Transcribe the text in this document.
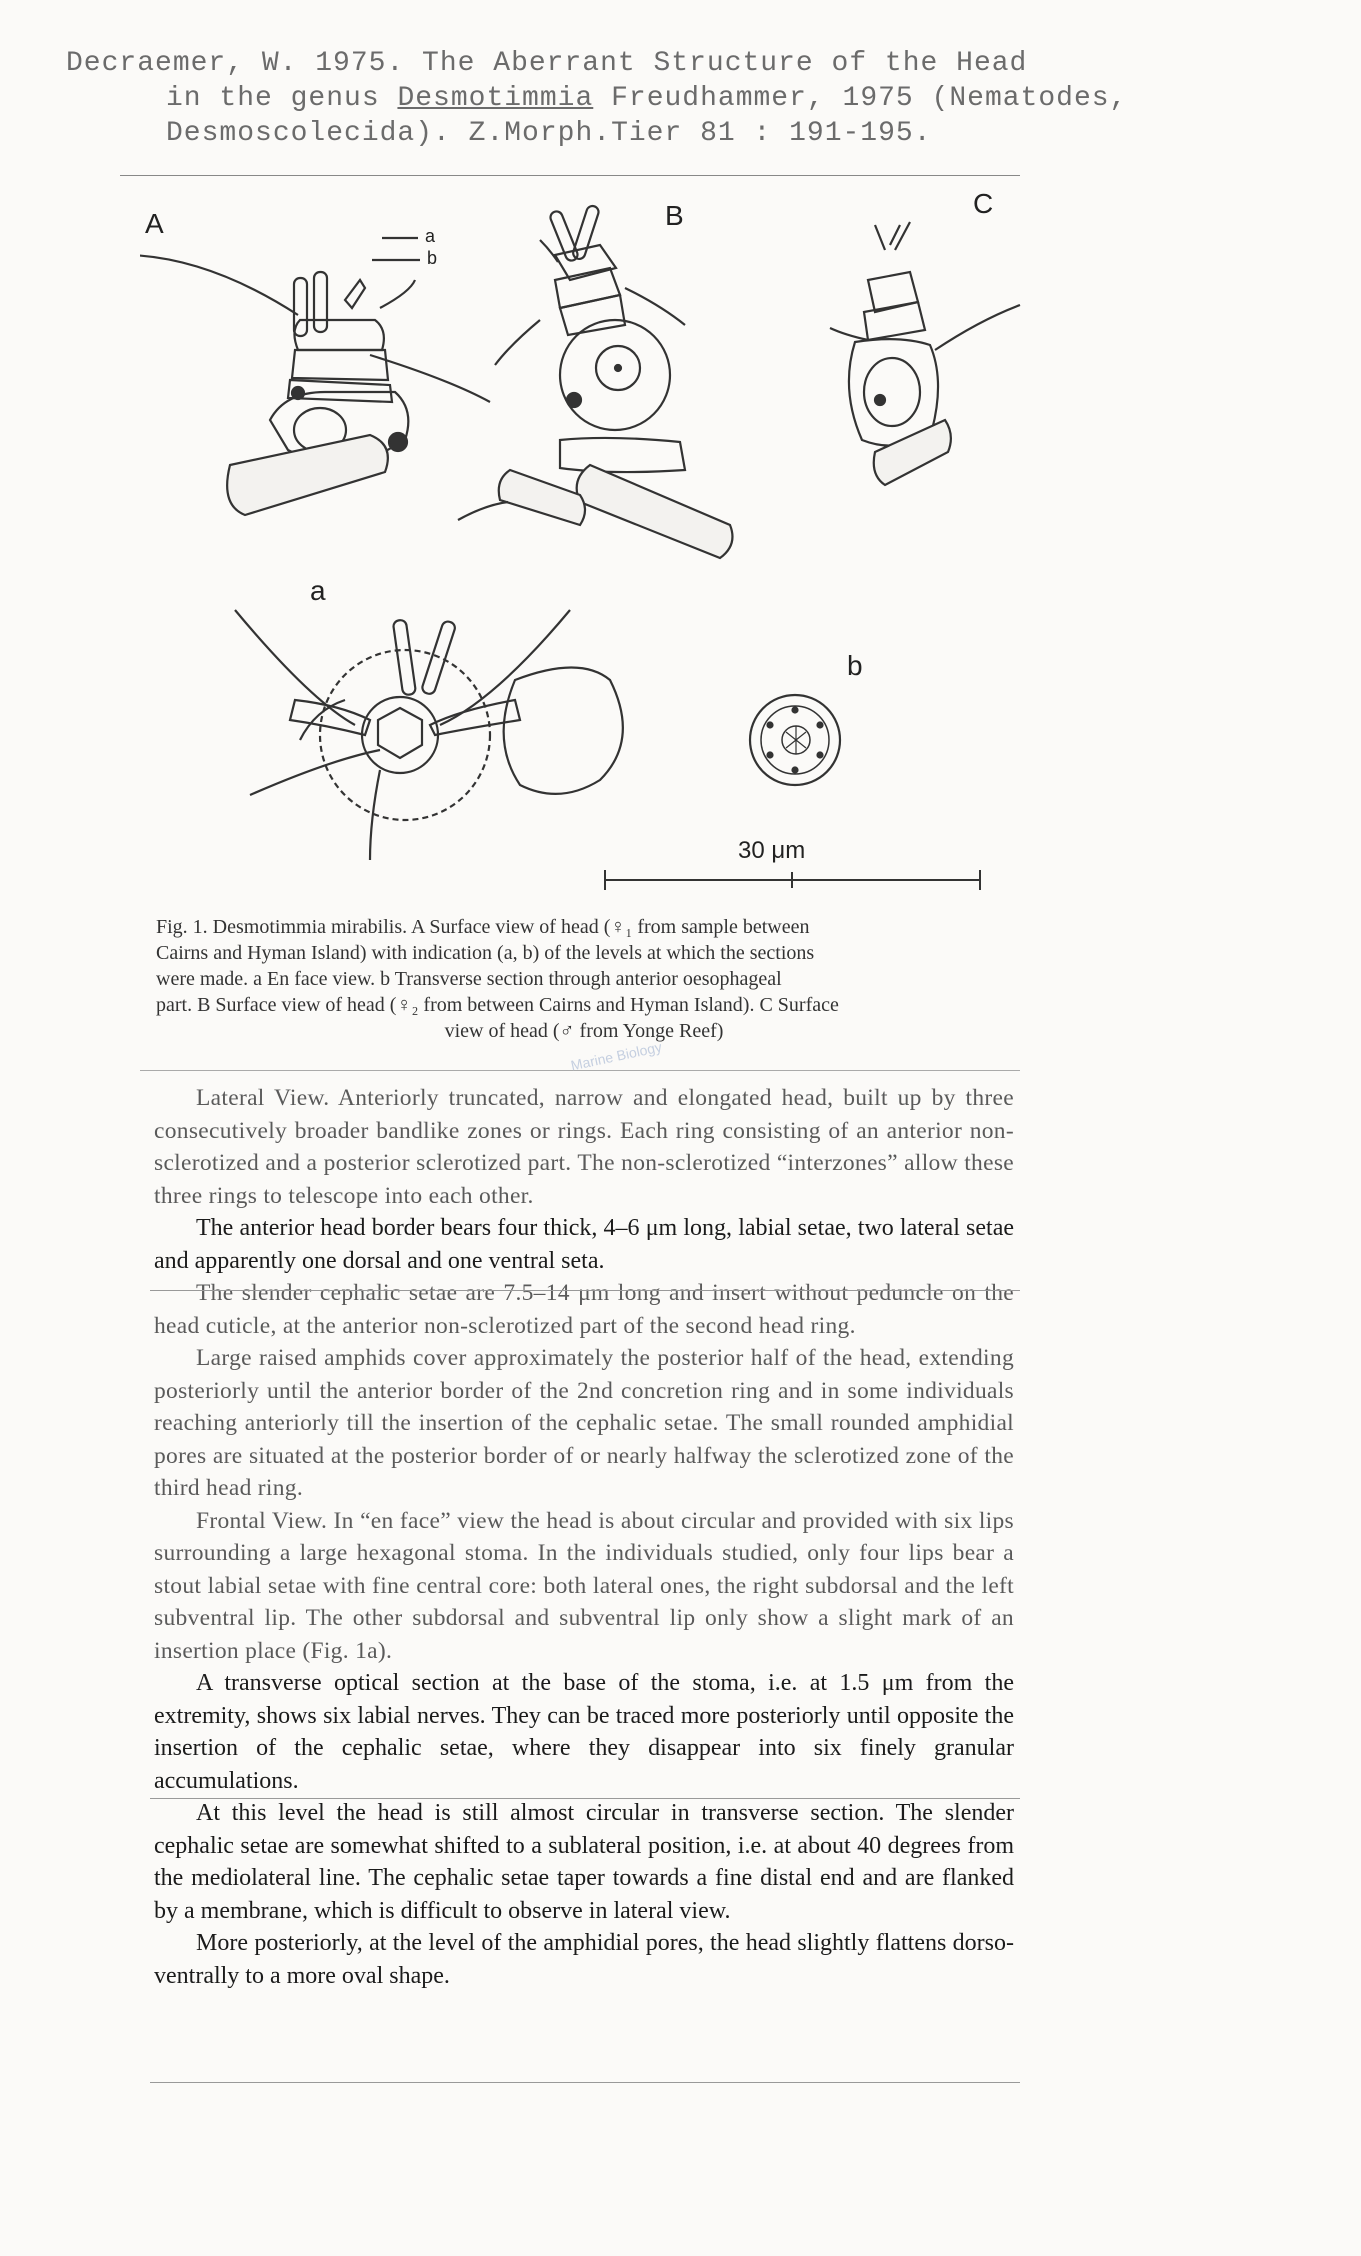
Decraemer, W. 1975. The Aberrant Structure of the Head
in the genus Desmotimmia Freudhammer, 1975 (Nematodes,
Desmoscolecida). Z.Morph.Tier 81 : 191-195.
A	a
b
B	C
a
b
30 μm
Fig. 1. Desmotimmia mirabilis. A Surface view of head (♀₁ from sample between
Cairns and Hyman Island) with indication (a, b) of the levels at which the sections
were made. a En face view. b Transverse section through anterior oesophageal
part. B Surface view of head (♀₂ from between Cairns and Hyman Island). C Surface
view of head (♂ from Yonge Reef)
Marine Biology

Lateral View. Anteriorly truncated, narrow and elongated head, built up by three consecutively broader bandlike zones or rings. Each ring consisting of an anterior non-sclerotized and a posterior sclerotized part. The non-sclerotized “interzones” allow these three rings to telescope into each other.

The anterior head border bears four thick, 4–6 μm long, labial setae, two lateral setae and apparently one dorsal and one ventral seta.

The slender cephalic setae are 7.5–14 μm long and insert without peduncle on the head cuticle, at the anterior non-sclerotized part of the second head ring.

Large raised amphids cover approximately the posterior half of the head, extending posteriorly until the anterior border of the 2nd concretion ring and in some individuals reaching anteriorly till the insertion of the cephalic setae. The small rounded amphidial pores are situated at the posterior border of or nearly halfway the sclerotized zone of the third head ring.

Frontal View. In “en face” view the head is about circular and provided with six lips surrounding a large hexagonal stoma. In the individuals studied, only four lips bear a stout labial setae with fine central core: both lateral ones, the right subdorsal and the left subventral lip. The other subdorsal and subventral lip only show a slight mark of an insertion place (Fig. 1a).

A transverse optical section at the base of the stoma, i.e. at 1.5 μm from the extremity, shows six labial nerves. They can be traced more posteriorly until opposite the insertion of the cephalic setae, where they disappear into six finely granular accumulations.

At this level the head is still almost circular in transverse section. The slender cephalic setae are somewhat shifted to a sublateral position, i.e. at about 40 degrees from the mediolateral line. The cephalic setae taper towards a fine distal end and are flanked by a membrane, which is difficult to observe in lateral view.

More posteriorly, at the level of the amphidial pores, the head slightly flattens dorso-ventrally to a more oval shape.
